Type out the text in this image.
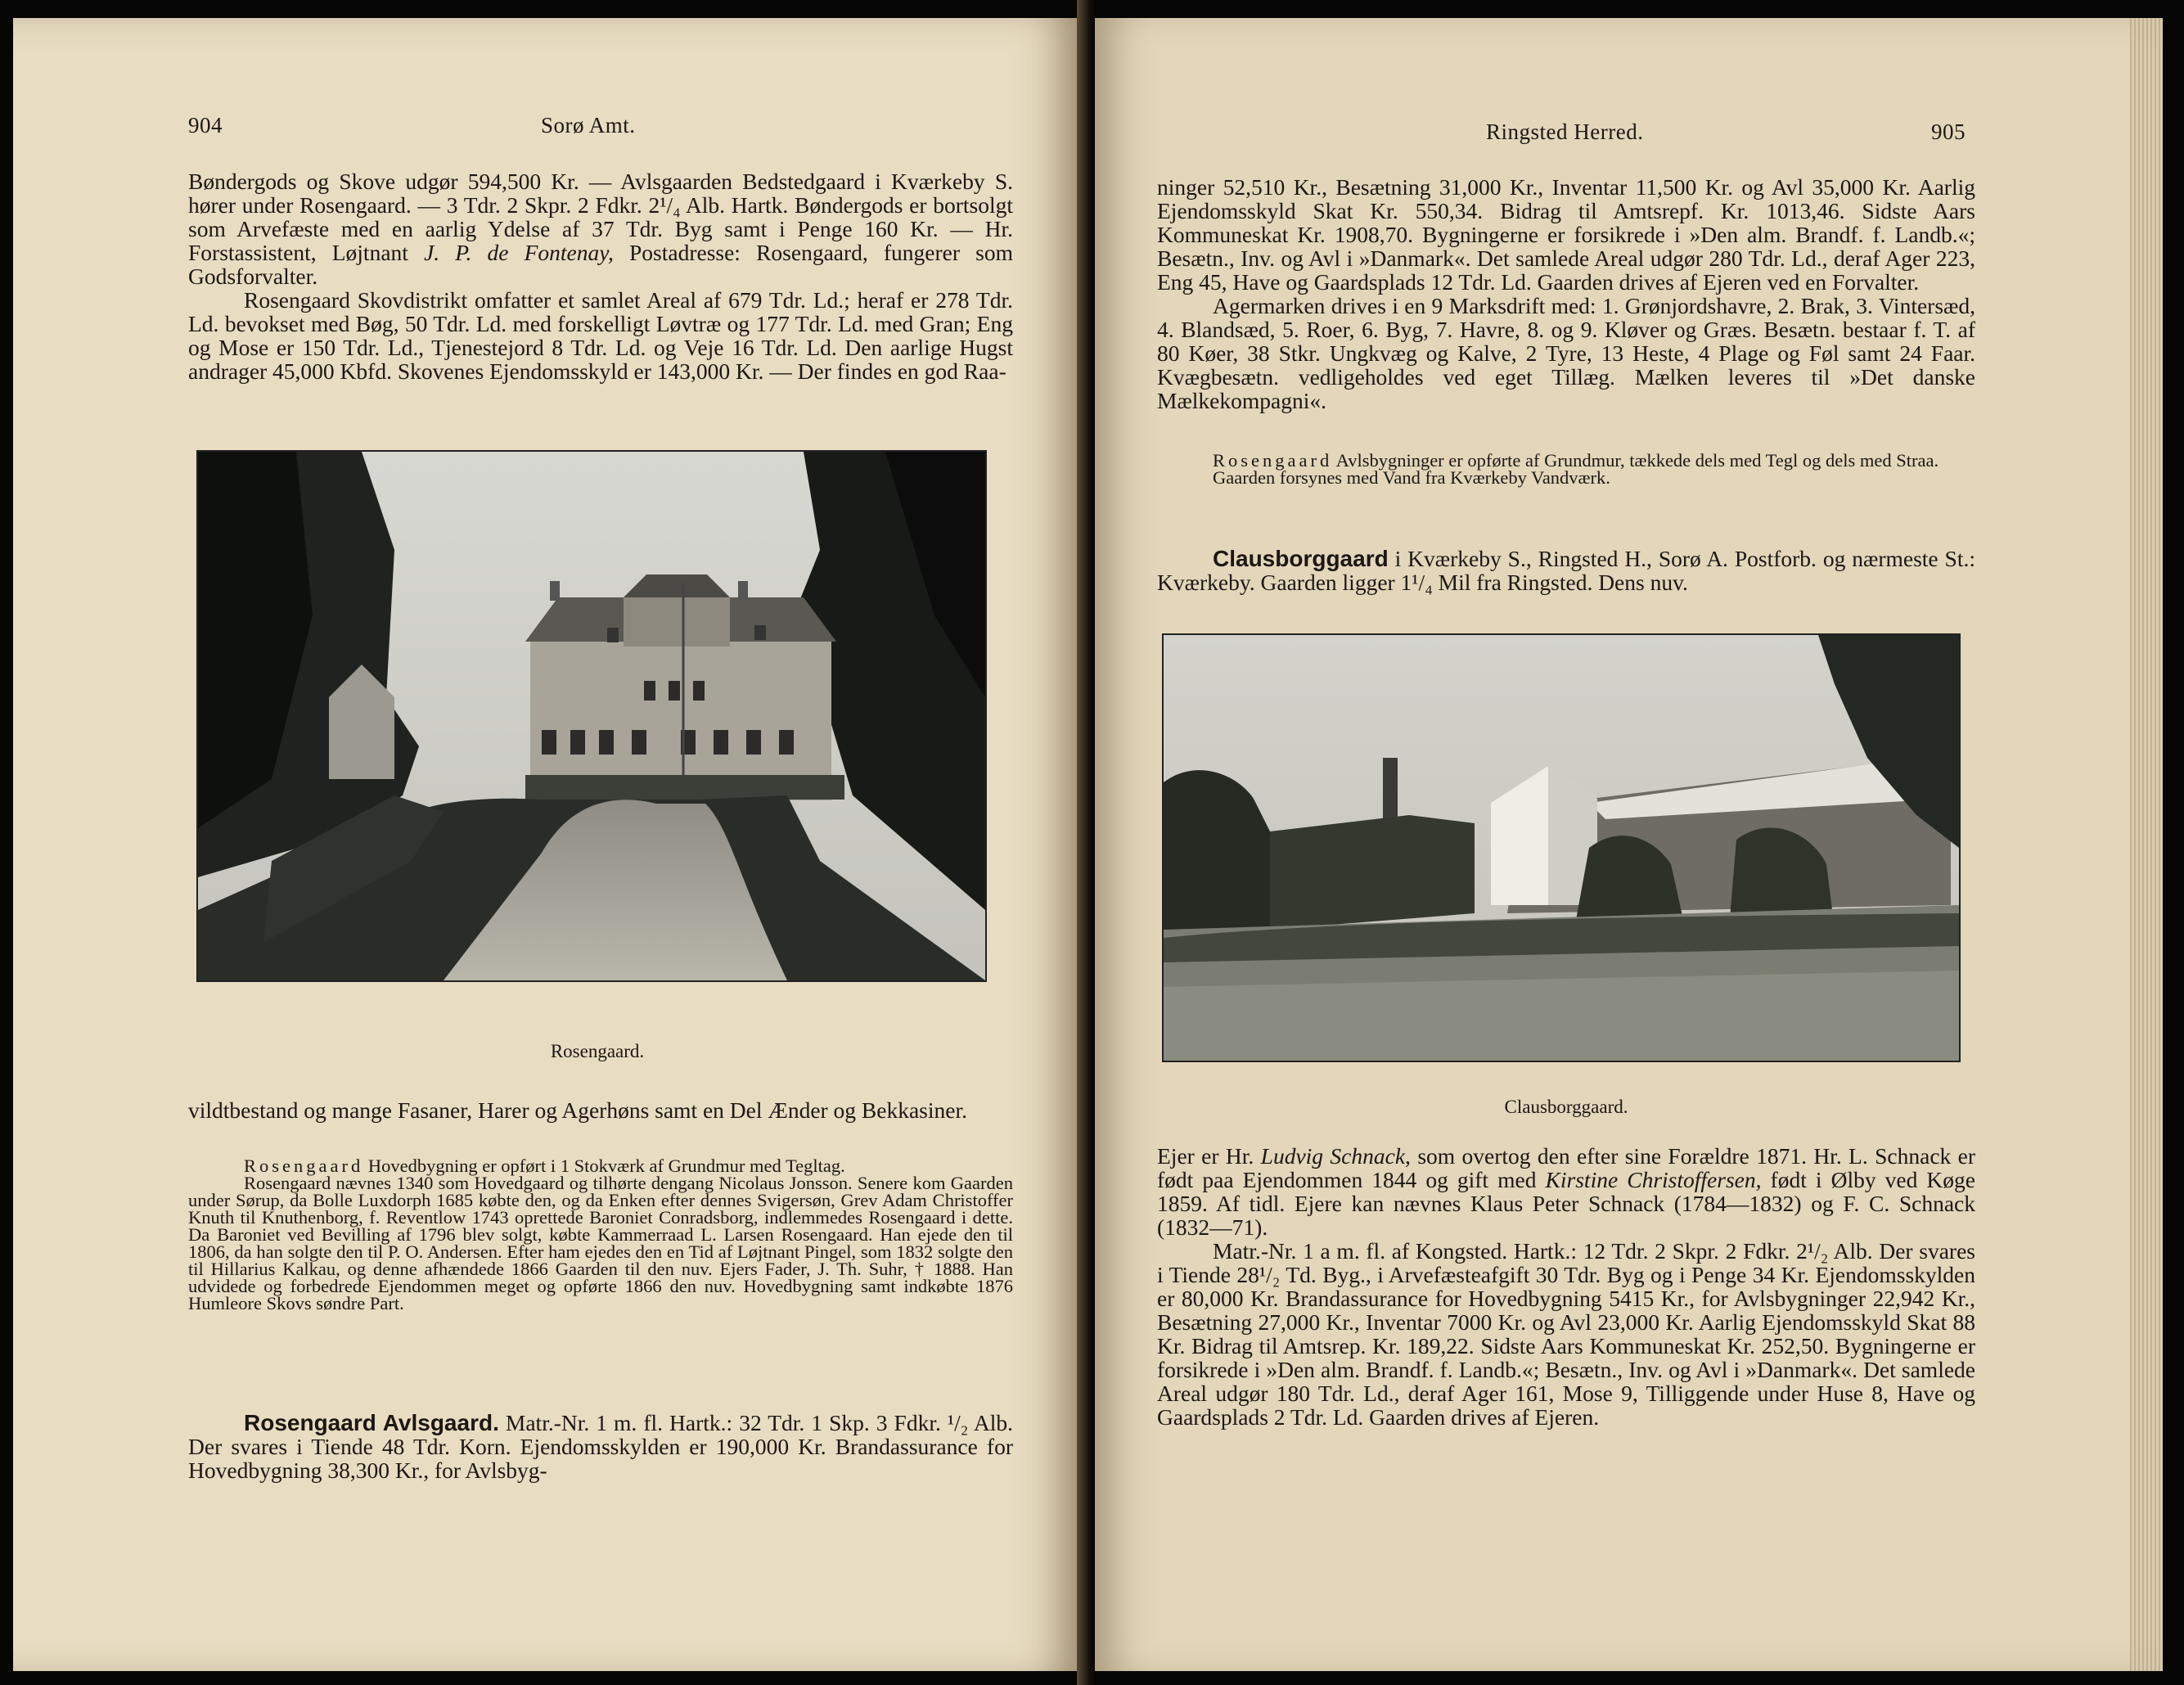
904	Sorø Amt.

Bøndergods og Skove udgør 594,500 Kr. — Avlsgaarden Bedstedgaard i Kværkeby S. hører under Rosengaard. — 3 Tdr. 2 Skpr. 2 Fdkr. 2¹/₄ Alb. Hartk. Bøndergods er bortsolgt som Arvefæste med en aarlig Ydelse af 37 Tdr. Byg samt i Penge 160 Kr. — Hr. Forstassistent, Løjtnant J. P. de Fontenay, Postadresse: Rosengaard, fungerer som Godsforvalter.

Rosengaard Skovdistrikt omfatter et samlet Areal af 679 Tdr. Ld.; heraf er 278 Tdr. Ld. bevokset med Bøg, 50 Tdr. Ld. med forskelligt Løvtræ og 177 Tdr. Ld. med Gran; Eng og Mose er 150 Tdr. Ld., Tjenestejord 8 Tdr. Ld. og Veje 16 Tdr. Ld. Den aarlige Hugst andrager 45,000 Kbfd. Skovenes Ejendomsskyld er 143,000 Kr. — Der findes en god Raa-

Rosengaard.
vildtbestand og mange Fasaner, Harer og Agerhøns samt en Del Ænder og Bekkasiner.

Rosengaard Hovedbygning er opført i 1 Stokværk af Grundmur med Tegltag.

Rosengaard nævnes 1340 som Hovedgaard og tilhørte dengang Nicolaus Jonsson. Senere kom Gaarden under Sørup, da Bolle Luxdorph 1685 købte den, og da Enken efter dennes Svigersøn, Grev Adam Christoffer Knuth til Knuthenborg, f. Reventlow 1743 oprettede Baroniet Conradsborg, indlemmedes Rosengaard i dette. Da Baroniet ved Bevilling af 1796 blev solgt, købte Kammerraad L. Larsen Rosengaard. Han ejede den til 1806, da han solgte den til P. O. Andersen. Efter ham ejedes den en Tid af Løjtnant Pingel, som 1832 solgte den til Hillarius Kalkau, og denne afhændede 1866 Gaarden til den nuv. Ejers Fader, J. Th. Suhr, † 1888. Han udvidede og forbedrede Ejendommen meget og opførte 1866 den nuv. Hovedbygning samt indkøbte 1876 Humleore Skovs søndre Part.

Rosengaard Avlsgaard. Matr.-Nr. 1 m. fl. Hartk.: 32 Tdr. 1 Skp. 3 Fdkr. ¹/₂ Alb. Der svares i Tiende 48 Tdr. Korn. Ejendomsskylden er 190,000 Kr. Brandassurance for Hovedbygning 38,300 Kr., for Avlsbyg-

Ringsted Herred.	905

ninger 52,510 Kr., Besætning 31,000 Kr., Inventar 11,500 Kr. og Avl 35,000 Kr. Aarlig Ejendomsskyld Skat Kr. 550,34. Bidrag til Amtsrepf. Kr. 1013,46. Sidste Aars Kommuneskat Kr. 1908,70. Bygningerne er forsikrede i »Den alm. Brandf. f. Landb.«; Besætn., Inv. og Avl i »Danmark«. Det samlede Areal udgør 280 Tdr. Ld., deraf Ager 223, Eng 45, Have og Gaardsplads 12 Tdr. Ld. Gaarden drives af Ejeren ved en Forvalter.

Agermarken drives i en 9 Marksdrift med: 1. Grønjordshavre, 2. Brak, 3. Vintersæd, 4. Blandsæd, 5. Roer, 6. Byg, 7. Havre, 8. og 9. Kløver og Græs. Besætn. bestaar f. T. af 80 Køer, 38 Stkr. Ungkvæg og Kalve, 2 Tyre, 13 Heste, 4 Plage og Føl samt 24 Faar. Kvægbesætn. vedligeholdes ved eget Tillæg. Mælken leveres til »Det danske Mælkekompagni«.

Rosengaard Avlsbygninger er opførte af Grundmur, tækkede dels med Tegl og dels med Straa.

Gaarden forsynes med Vand fra Kværkeby Vandværk.

Clausborggaard i Kværkeby S., Ringsted H., Sorø A. Postforb. og nærmeste St.: Kværkeby. Gaarden ligger 1¹/₄ Mil fra Ringsted. Dens nuv.

Clausborggaard.

Ejer er Hr. Ludvig Schnack, som overtog den efter sine Forældre 1871. Hr. L. Schnack er født paa Ejendommen 1844 og gift med Kirstine Christoffersen, født i Ølby ved Køge 1859. Af tidl. Ejere kan nævnes Klaus Peter Schnack (1784—1832) og F. C. Schnack (1832—71).

Matr.-Nr. 1 a m. fl. af Kongsted. Hartk.: 12 Tdr. 2 Skpr. 2 Fdkr. 2¹/₂ Alb. Der svares i Tiende 28¹/₂ Td. Byg., i Arvefæsteafgift 30 Tdr. Byg og i Penge 34 Kr. Ejendomsskylden er 80,000 Kr. Brandassurance for Hovedbygning 5415 Kr., for Avlsbygninger 22,942 Kr., Besætning 27,000 Kr., Inventar 7000 Kr. og Avl 23,000 Kr. Aarlig Ejendomsskyld Skat 88 Kr. Bidrag til Amtsrep. Kr. 189,22. Sidste Aars Kommuneskat Kr. 252,50. Bygningerne er forsikrede i »Den alm. Brandf. f. Landb.«; Besætn., Inv. og Avl i »Danmark«. Det samlede Areal udgør 180 Tdr. Ld., deraf Ager 161, Mose 9, Tilliggende under Huse 8, Have og Gaardsplads 2 Tdr. Ld. Gaarden drives af Ejeren.
